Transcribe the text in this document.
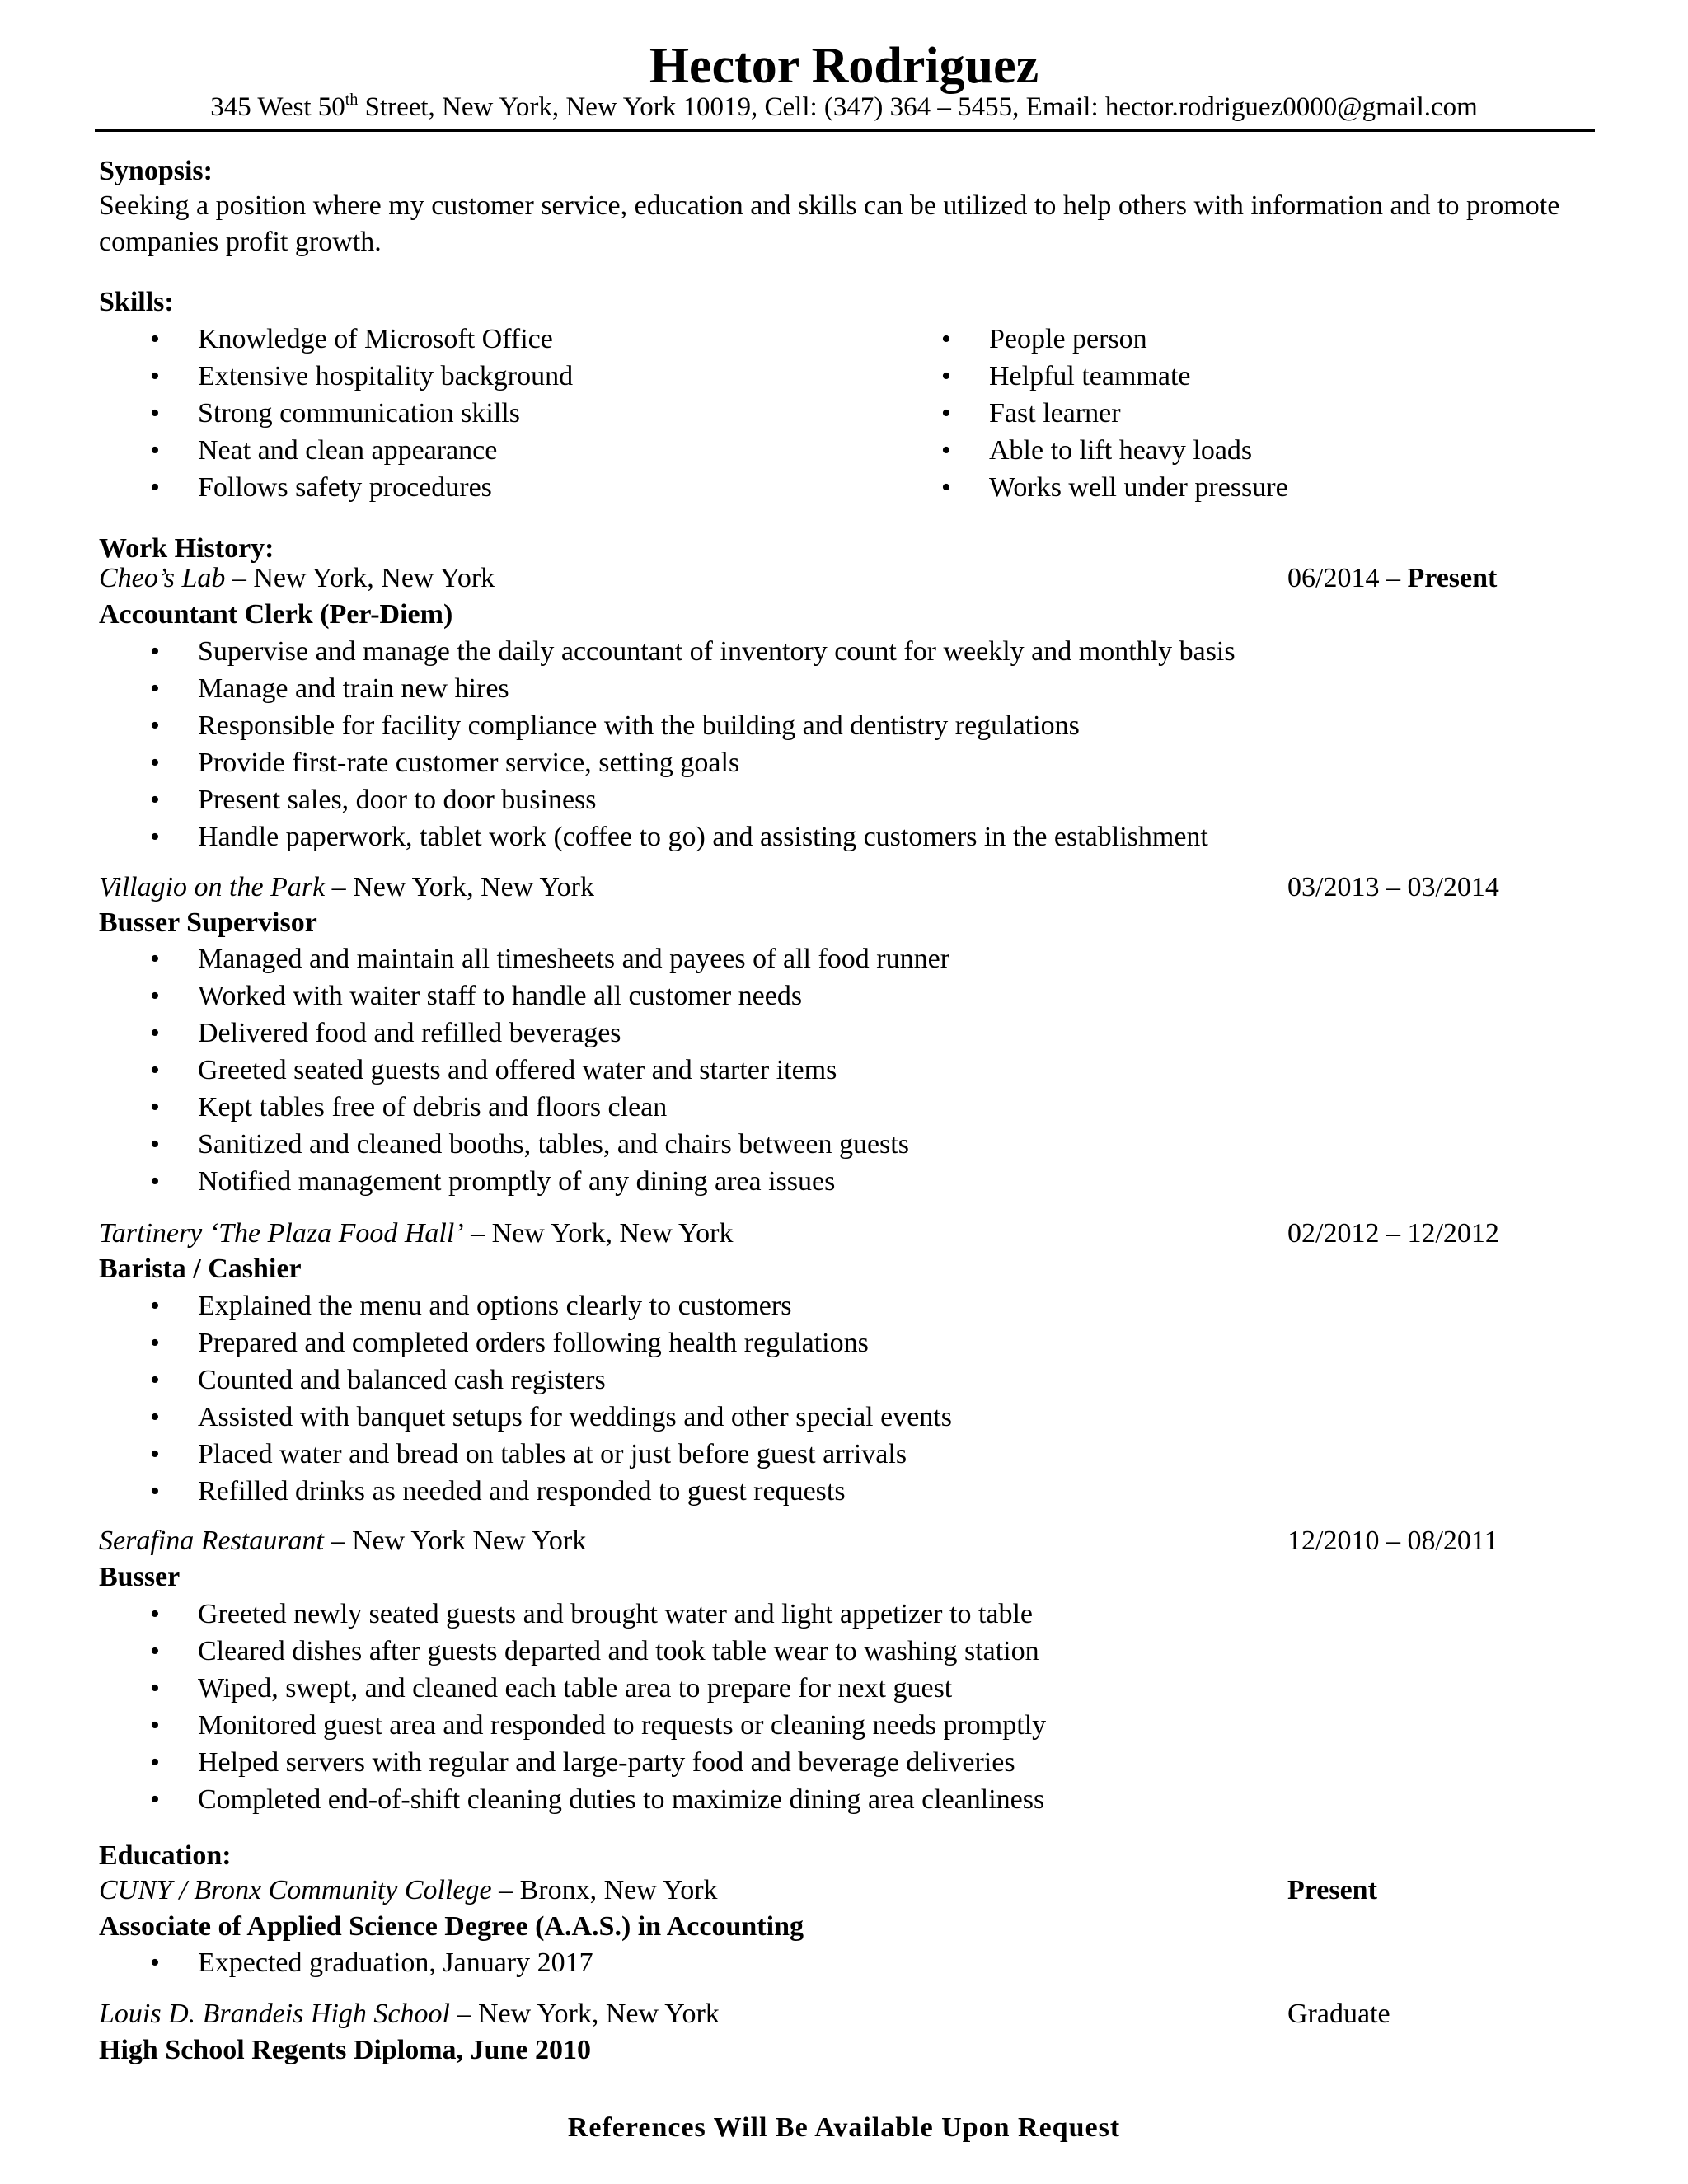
Hector Rodriguez
345 West 50th Street, New York, New York 10019, Cell: (347) 364 – 5455, Email: hector.rodriguez0000@gmail.com
Synopsis:
Seeking a position where my customer service, education and skills can be utilized to help others with information and to promote companies profit growth.
Skills:
• Knowledge of Microsoft Office
• Extensive hospitality background
• Strong communication skills
• Neat and clean appearance
• Follows safety procedures
• People person
• Helpful teammate
• Fast learner
• Able to lift heavy loads
• Works well under pressure
Work History:
Cheo’s Lab – New York, New York	06/2014 – Present
Accountant Clerk (Per-Diem)
• Supervise and manage the daily accountant of inventory count for weekly and monthly basis
• Manage and train new hires
• Responsible for facility compliance with the building and dentistry regulations
• Provide first-rate customer service, setting goals
• Present sales, door to door business
• Handle paperwork, tablet work (coffee to go) and assisting customers in the establishment
Villagio on the Park – New York, New York	03/2013 – 03/2014
Busser Supervisor
• Managed and maintain all timesheets and payees of all food runner
• Worked with waiter staff to handle all customer needs
• Delivered food and refilled beverages
• Greeted seated guests and offered water and starter items
• Kept tables free of debris and floors clean
• Sanitized and cleaned booths, tables, and chairs between guests
• Notified management promptly of any dining area issues
Tartinery ‘The Plaza Food Hall’ – New York, New York	02/2012 – 12/2012
Barista / Cashier
• Explained the menu and options clearly to customers
• Prepared and completed orders following health regulations
• Counted and balanced cash registers
• Assisted with banquet setups for weddings and other special events
• Placed water and bread on tables at or just before guest arrivals
• Refilled drinks as needed and responded to guest requests
Serafina Restaurant – New York New York	12/2010 – 08/2011
Busser
• Greeted newly seated guests and brought water and light appetizer to table
• Cleared dishes after guests departed and took table wear to washing station
• Wiped, swept, and cleaned each table area to prepare for next guest
• Monitored guest area and responded to requests or cleaning needs promptly
• Helped servers with regular and large-party food and beverage deliveries
• Completed end-of-shift cleaning duties to maximize dining area cleanliness
Education:
CUNY / Bronx Community College – Bronx, New York	Present
Associate of Applied Science Degree (A.A.S.) in Accounting
• Expected graduation, January 2017
Louis D. Brandeis High School – New York, New York	Graduate
High School Regents Diploma, June 2010
References Will Be Available Upon Request
